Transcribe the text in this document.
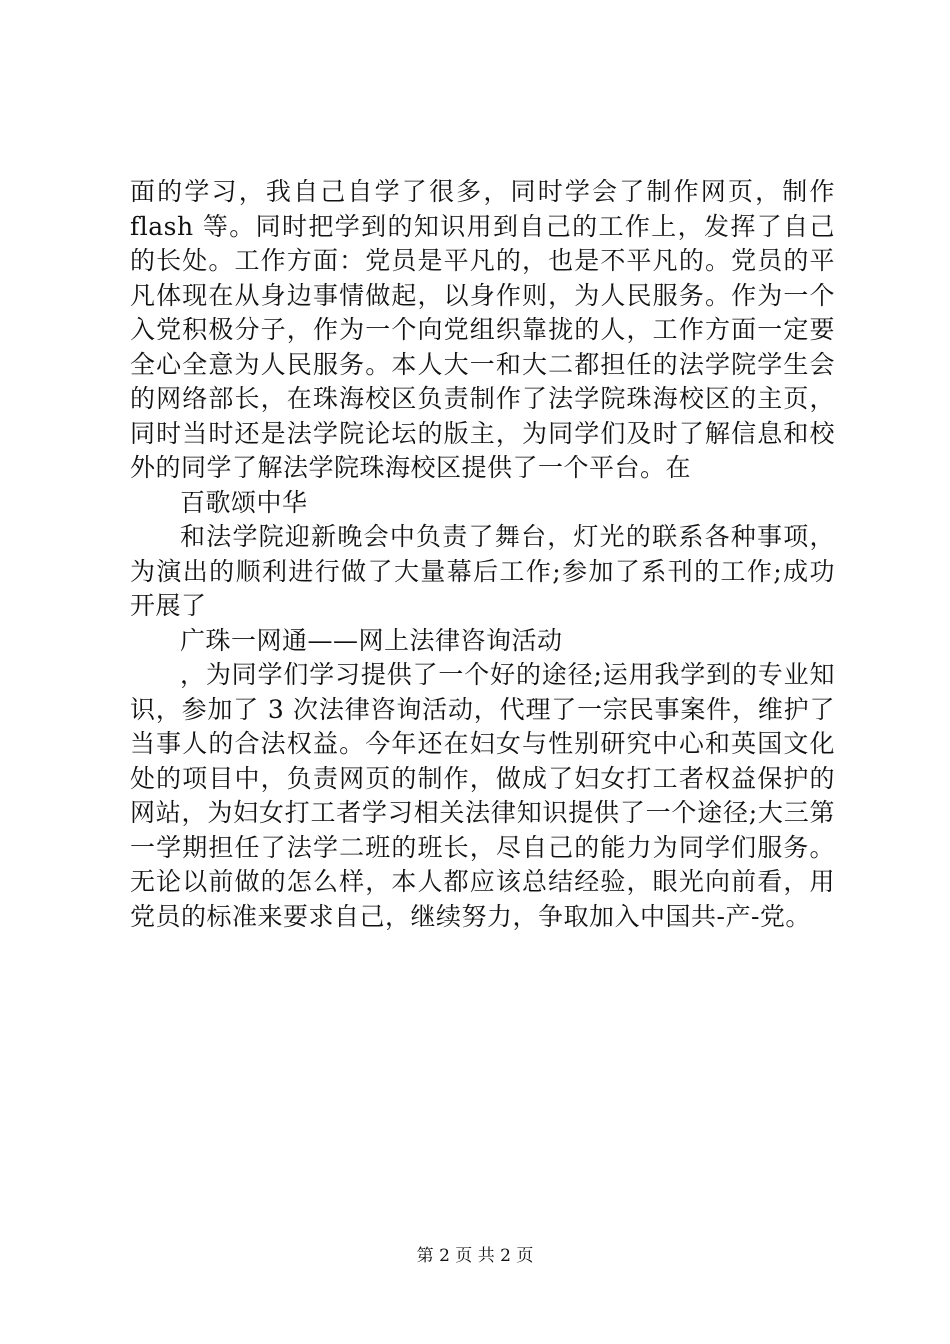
面的学习，我自己自学了很多，同时学会了制作网页，制作
flash 等。同时把学到的知识用到自己的工作上，发挥了自己
的长处。工作方面：党员是平凡的，也是不平凡的。党员的平
凡体现在从身边事情做起，以身作则，为人民服务。作为一个
入党积极分子，作为一个向党组织靠拢的人，工作方面一定要
全心全意为人民服务。本人大一和大二都担任的法学院学生会
的网络部长，在珠海校区负责制作了法学院珠海校区的主页，
同时当时还是法学院论坛的版主，为同学们及时了解信息和校
外的同学了解法学院珠海校区提供了一个平台。在
百歌颂中华
和法学院迎新晚会中负责了舞台，灯光的联系各种事项，
为演出的顺利进行做了大量幕后工作;参加了系刊的工作;成功
开展了
广珠一网通——网上法律咨询活动
，为同学们学习提供了一个好的途径;运用我学到的专业知
识，参加了 3 次法律咨询活动，代理了一宗民事案件，维护了
当事人的合法权益。今年还在妇女与性别研究中心和英国文化
处的项目中，负责网页的制作，做成了妇女打工者权益保护的
网站，为妇女打工者学习相关法律知识提供了一个途径;大三第
一学期担任了法学二班的班长，尽自己的能力为同学们服务。
无论以前做的怎么样，本人都应该总结经验，眼光向前看，用
党员的标准来要求自己，继续努力，争取加入中国共-产-党。
第 2 页 共 2 页
